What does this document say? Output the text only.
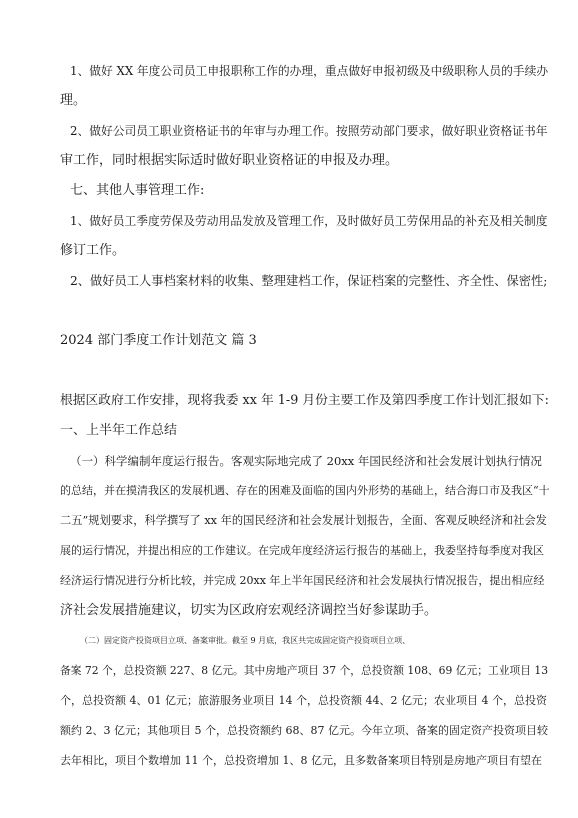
1、做好 XX 年度公司员工申报职称工作的办理，重点做好申报初级及中级职称人员的手续办
理。
2、做好公司员工职业资格证书的年审与办理工作。按照劳动部门要求，做好职业资格证书年
审工作，同时根据实际适时做好职业资格证的申报及办理。
七、其他人事管理工作:
1、做好员工季度劳保及劳动用品发放及管理工作，及时做好员工劳保用品的补充及相关制度
修订工作。
2、做好员工人事档案材料的收集、整理建档工作，保证档案的完整性、齐全性、保密性;
2024 部门季度工作计划范文 篇 3
根据区政府工作安排，现将我委 xx 年 1-9 月份主要工作及第四季度工作计划汇报如下:
一、上半年工作总结
（一）科学编制年度运行报告。客观实际地完成了 20xx 年国民经济和社会发展计划执行情况
的总结，并在摸清我区的发展机遇、存在的困难及面临的国内外形势的基础上，结合海口市及我区“十
二五”规划要求，科学撰写了 xx 年的国民经济和社会发展计划报告，全面、客观反映经济和社会发
展的运行情况，并提出相应的工作建议。在完成年度经济运行报告的基础上，我委坚持每季度对我区
经济运行情况进行分析比较，并完成 20xx 年上半年国民经济和社会发展执行情况报告，提出相应经
济社会发展措施建议，切实为区政府宏观经济调控当好参谋助手。
（二）固定资产投资项目立项、备案审批。截至 9 月底，我区共完成固定资产投资项目立项、
备案 72 个，总投资额 227、8 亿元。其中房地产项目 37 个，总投资额 108、69 亿元；工业项目 13
个，总投资额 4、01 亿元；旅游服务业项目 14 个，总投资额 44、2 亿元；农业项目 4 个，总投资
额约 2、3 亿元；其他项目 5 个，总投资额约 68、87 亿元。今年立项、备案的固定资产投资项目较
去年相比，项目个数增加 11 个，总投资增加 1、8 亿元，且多数备案项目特别是房地产项目有望在
